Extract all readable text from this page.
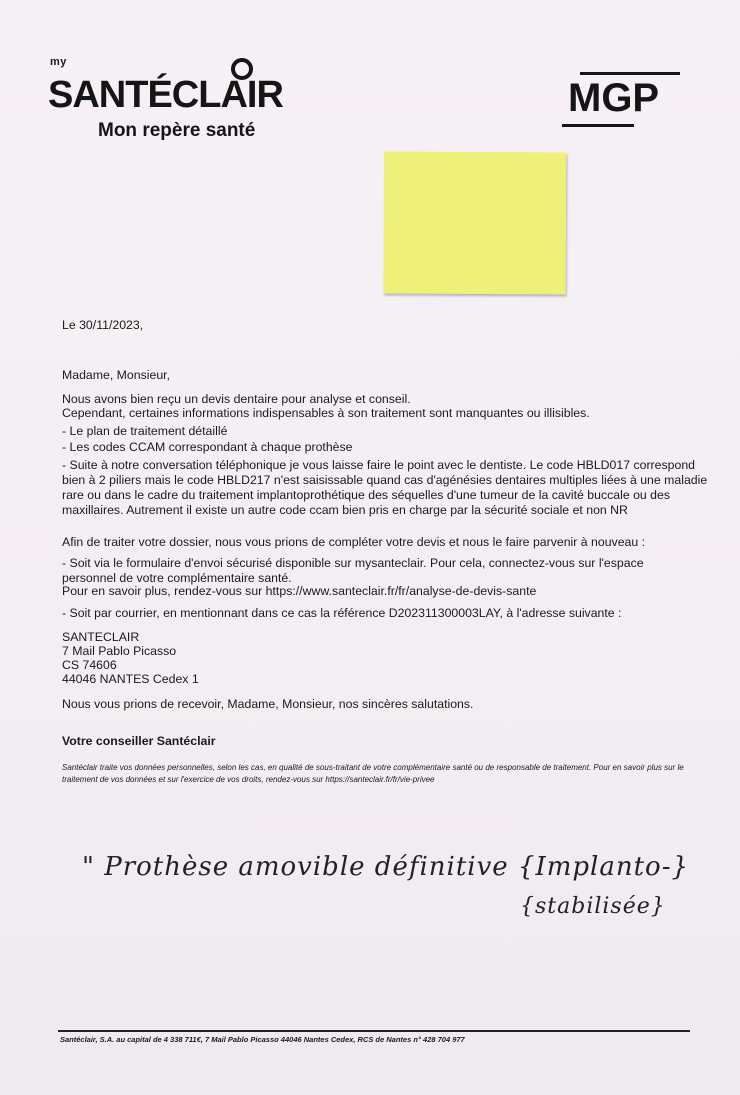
my
SANTÉCLAIR
Mon repère santé
MGP
Le 30/11/2023,
Madame, Monsieur,
Nous avons bien reçu un devis dentaire pour analyse et conseil.
Cependant, certaines informations indispensables à son traitement sont manquantes ou illisibles.
- Le plan de traitement détaillé
- Les codes CCAM correspondant à chaque prothèse
- Suite à notre conversation téléphonique je vous laisse faire le point avec le dentiste. Le code HBLD017 correspond bien à 2 piliers mais le code HBLD217 n'est saisissable quand cas d'agénésies dentaires multiples liées à une maladie rare ou dans le cadre du traitement implantoprothétique des séquelles d'une tumeur de la cavité buccale ou des maxillaires. Autrement il existe un autre code ccam bien pris en charge par la sécurité sociale et non NR
Afin de traiter votre dossier, nous vous prions de compléter votre devis et nous le faire parvenir à nouveau :
- Soit via le formulaire d'envoi sécurisé disponible sur mysanteclair. Pour cela, connectez-vous sur l'espace personnel de votre complémentaire santé.
Pour en savoir plus, rendez-vous sur https://www.santeclair.fr/fr/analyse-de-devis-sante
- Soit par courrier, en mentionnant dans ce cas la référence D202311300003LAY, à l'adresse suivante :
SANTECLAIR
7 Mail Pablo Picasso
CS 74606
44046 NANTES Cedex 1
Nous vous prions de recevoir, Madame, Monsieur, nos sincères salutations.
Votre conseiller Santéclair
Santéclair traite vos données personnelles, selon les cas, en qualité de sous-traitant de votre complémentaire santé ou de responsable de traitement. Pour en savoir plus sur le traitement de vos données et sur l'exercice de vos droits, rendez-vous sur https://santeclair.fr/fr/vie-privee
" Prothèse amovible définitive {Implanto-}
{stabilisée}
Santéclair, S.A. au capital de 4 338 711€, 7 Mail Pablo Picasso 44046 Nantes Cedex, RCS de Nantes n° 428 704 977
